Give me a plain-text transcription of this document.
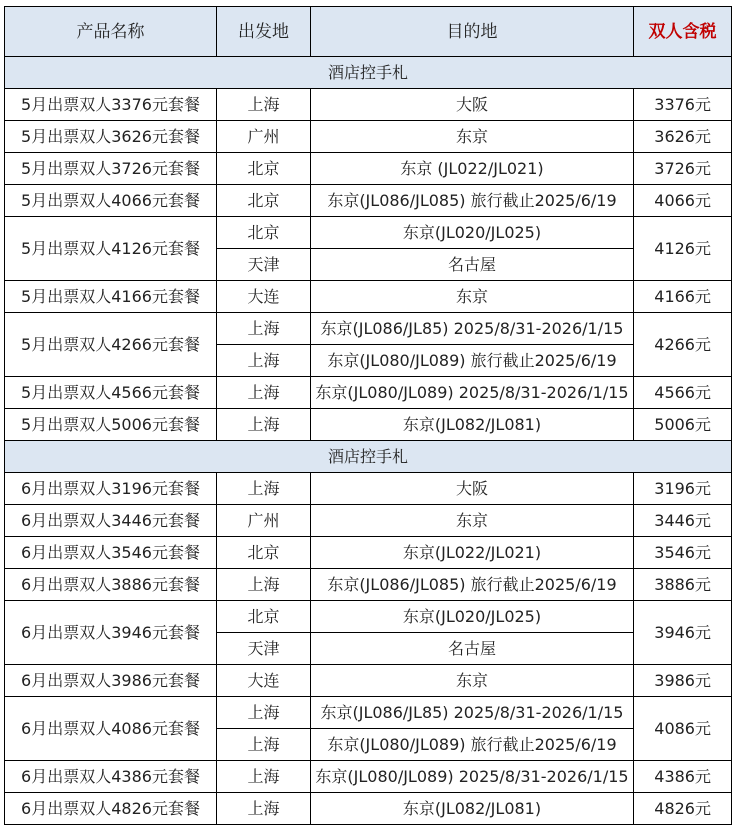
产品名称	出发地	目的地	双人含税
酒店控手札			
5月出票双人3376元套餐	上海	大阪	3376元
5月出票双人3626元套餐	广州	东京	3626元
5月出票双人3726元套餐	北京	东京 (JL022/JL021)	3726元
5月出票双人4066元套餐	北京	东京(JL086/JL085) 旅行截止2025/6/19	4066元
5月出票双人4126元套餐	北京	东京(JL020/JL025)	4126元
	天津	名古屋	
5月出票双人4166元套餐	大连	东京	4166元
5月出票双人4266元套餐	上海	东京(JL086/JL85) 2025/8/31-2026/1/15	4266元
	上海	东京(JL080/JL089) 旅行截止2025/6/19	
5月出票双人4566元套餐	上海	东京(JL080/JL089) 2025/8/31-2026/1/15	4566元
5月出票双人5006元套餐	上海	东京(JL082/JL081)	5006元
酒店控手札			
6月出票双人3196元套餐	上海	大阪	3196元
6月出票双人3446元套餐	广州	东京	3446元
6月出票双人3546元套餐	北京	东京(JL022/JL021)	3546元
6月出票双人3886元套餐	上海	东京(JL086/JL085) 旅行截止2025/6/19	3886元
6月出票双人3946元套餐	北京	东京(JL020/JL025)	3946元
	天津	名古屋	
6月出票双人3986元套餐	大连	东京	3986元
6月出票双人4086元套餐	上海	东京(JL086/JL85) 2025/8/31-2026/1/15	4086元
	上海	东京(JL080/JL089) 旅行截止2025/6/19	
6月出票双人4386元套餐	上海	东京(JL080/JL089) 2025/8/31-2026/1/15	4386元
6月出票双人4826元套餐	上海	东京(JL082/JL081)	4826元
